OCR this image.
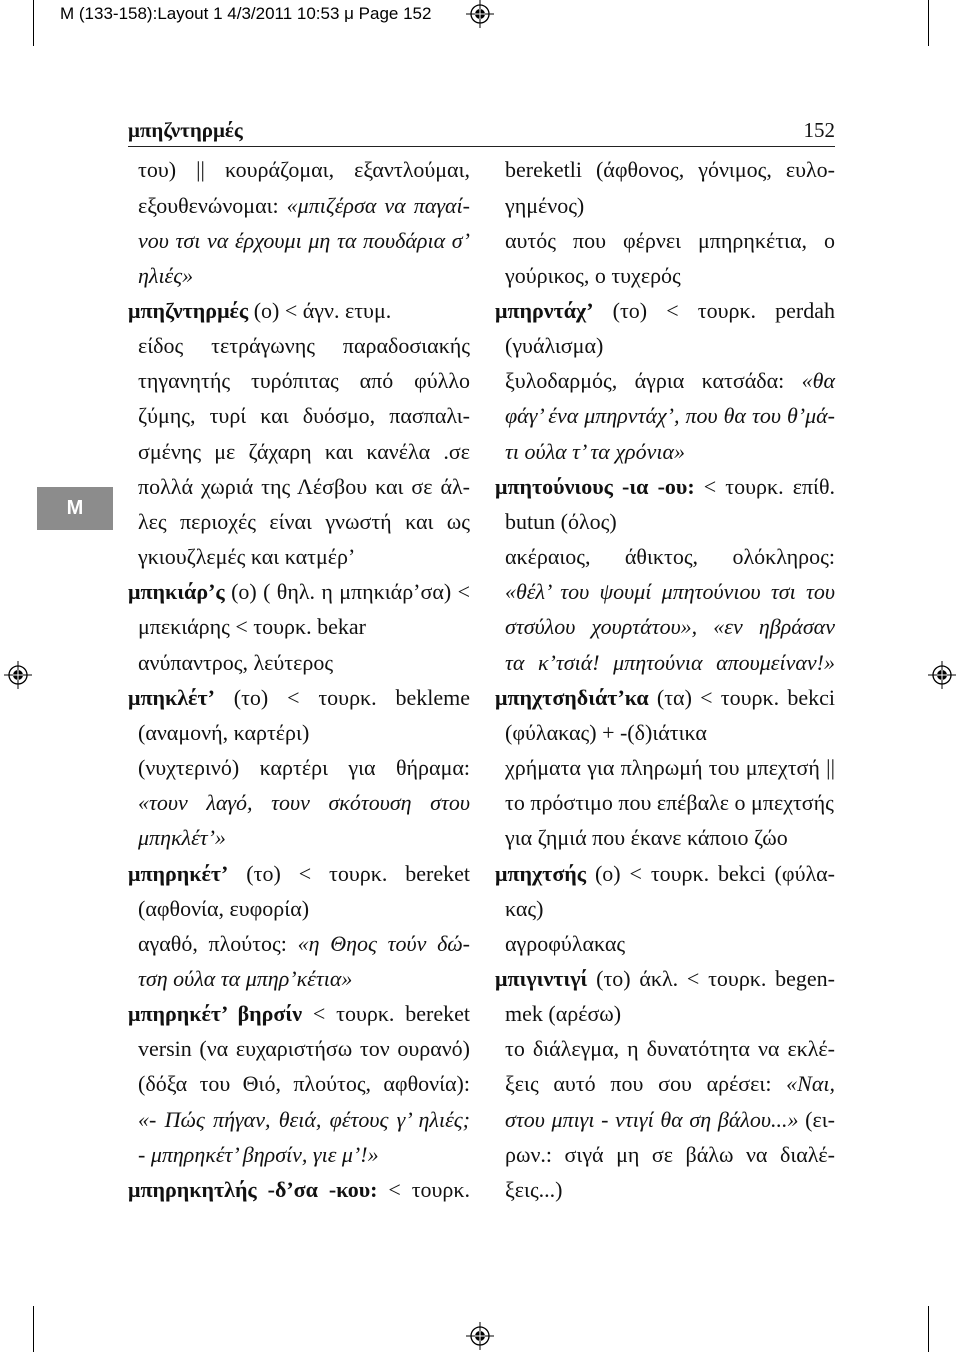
M (133-158):Layout 1 4/3/2011 10:53 μ Page 152
μπηζντηρμές	152
M
του) || κουράζομαι, εξαντλούμαι,
εξουθενώνομαι: «μπιζέρσα να παγαί-
νου τσι να έρχουμι μη τα πουδάρια σ’
ηλιές»
μπηζντηρμές (ο) < άγν. ετυμ.
είδος τετράγωνης παραδοσιακής
τηγανητής τυρόπιτας από φύλλο
ζύμης, τυρί και δυόσμο, πασπαλι-
σμένης με ζάχαρη και κανέλα .σε
πολλά χωριά της Λέσβου και σε άλ-
λες περιοχές είναι γνωστή και ως
γκιουζλεμές και κατμέρ’
μπηκιάρ’ς (ο) ( θηλ. η μπηκιάρ’σα) <
μπεκιάρης < τουρκ. bekar
ανύπαντρος, λεύτερος
μπηκλέτ’ (το) < τουρκ. bekleme
(αναμονή, καρτέρι)
(νυχτερινό) καρτέρι για θήραμα:
«τουν λαγό, τουν σκότουση στου
μπηκλέτ’»
μπηρηκέτ’ (το) < τουρκ. bereket
(αφθονία, ευφορία)
αγαθό, πλούτος: «η Θηος τούν δώ-
τση ούλα τα μπηρ’κέτια»
μπηρηκέτ’ βηρσίν < τουρκ. bereket
versin (να ευχαριστήσω τον ουρανό)
(δόξα του Θιό, πλούτος, αφθονία):
«- Πώς πήγαν, θειά, φέτους γ’ ηλιές;
- μπηρηκέτ’ βηρσίν, γιε μ’!»
μπηρηκητλής -δ’σα -κου: < τουρκ.
bereketli (άφθονος, γόνιμος, ευλο-
γημένος)
αυτός που φέρνει μπηρηκέτια, ο
γούρικος, ο τυχερός
μπηρντάχ’ (το) < τουρκ. perdah
(γυάλισμα)
ξυλοδαρμός, άγρια κατσάδα: «θα
φάγ’ ένα μπηρντάχ’, που θα του θ’μά-
τι ούλα τ’ τα χρόνια»
μπητούνιους -ια -ου: < τουρκ. επίθ.
butun (όλος)
ακέραιος, άθικτος, ολόκληρος:
«θέλ’ του ψουμί μπητούνιου τσι του
στσύλου χουρτάτου», «εν ηβράσαν
τα κ’τσιά! μπητούνια απουμείναν!»
μπηχτσηδιάτ’κα (τα) < τουρκ. bekci
(φύλακας) + -(δ)ιάτικα
χρήματα για πληρωμή του μπεχτσή ||
το πρόστιμο που επέβαλε ο μπεχτσής
για ζημιά που έκανε κάποιο ζώο
μπηχτσής (ο) < τουρκ. bekci (φύλα-
κας)
αγροφύλακας
μπιγιντιγί (το) άκλ. < τουρκ. begen-
mek (αρέσω)
το διάλεγμα, η δυνατότητα να εκλέ-
ξεις αυτό που σου αρέσει: «Ναι,
στου μπιγι - ντιγί θα ση βάλου...» (ει-
ρων.: σιγά μη σε βάλω να διαλέ-
ξεις...)
